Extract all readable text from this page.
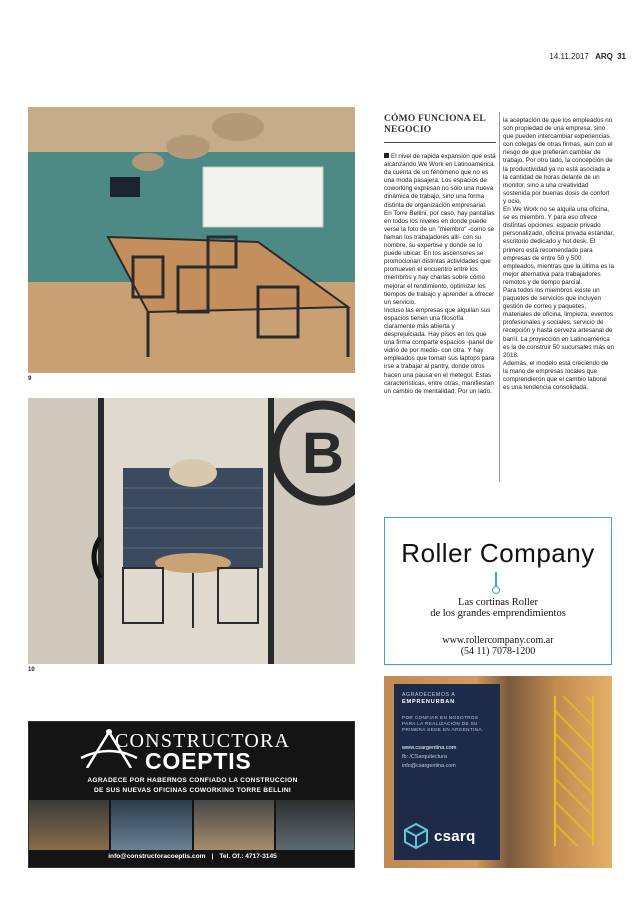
14.11.2017 ARQ 31
9
B
10
CÓMO FUNCIONA EL NEGOCIO

El nivel de rapida expansión que está alcanzando We Work en Latinoamérica da cuenta de un fenómeno que no es una moda pasajera. Los espacios de coworking expresan no sólo una nueva dinámica de trabajo, sino una forma distinta de organización empresarial.

En Torre Bellini, por caso, hay pantallas en todos los niveles en donde puede verse la foto de un "miembro" -como se llaman los trabajadores allí- con su nombre, su expertise y donde se lo puede ubicar. En los ascensores se promocionan distintas actividades que promueven el encuentro entre los miembros y hay charlas sobre cómo mejorar el rendimiento, optimizar los tiempos de trabajo y aprender a ofrecer un servicio.

Incluso las empresas que alquilan sus espacios tienen una filosofía claramente más abierta y desprejuiciada. Hay pisos en los que una firma comparte espacios -panel de vidrio de por medio- con otra. Y hay empleados que toman sus laptops para irse a trabajar al pantry, donde otros hacen una pausa en el metegol. Estas características, entre otras, manifiestan un cambio de mentalidad. Por un lado,

la aceptación de que los empleados no son propiedad de una empresa, sino que pueden intercambiar experiencias con colegas de otras firmas, aún con el riesgo de que prefieran cambiar de trabajo. Por otro lado, la concepción de la productividad ya no está asociada a la cantidad de horas delante de un monitor, sino a una creatividad sostenida por buenas dosis de confort y ocio.

En We Work no se alquila una oficina, se es miembro. Y para eso ofrece distintas opciones: espacio privado personalizado, oficina privada estándar, escritorio dedicado y hot desk. El primero está recomendado para empresas de entre 50 y 500 empleados, mientras que la última es la mejor alternativa para trabajadores remotos y de tiempo parcial.

Para todos los miembros existe un paquetes de servicios que incluyen gestión de correo y paquetes, materiales de oficina, limpieza, eventos profesionales y sociales, servicio de recepción y hasta cerveza artesanal de barril. La proyección en Latinoamérica es la de construir 50 sucursales más en 2018.

Además, el modelo está creciendo de la mano de empresas locales que comprendieron que el cambio laboral es una tendencia consolidada.

Roller Company
Las cortinas Roller
de los grandes emprendimientos
www.rollercompany.com.ar
(54 11) 7078-1200
AGRADECEMOS A
EMPRENURBAN
POR CONFIAR EN NOSOTROS PARA LA REALIZACIÓN DE SU PRIMERA SEDE EN ARGENTINA.
www.csargentina.com
fb: /CSarquitectura
info@csargentina.com
csarq
CONSTRUCTORA
COEPTIS
AGRADECE POR HABERNOS CONFIADO LA CONSTRUCCION
DE SUS NUEVAS OFICINAS COWORKING TORRE BELLINI
info@constructoracoeptis.com | Tel. Of.: 4717-3145
